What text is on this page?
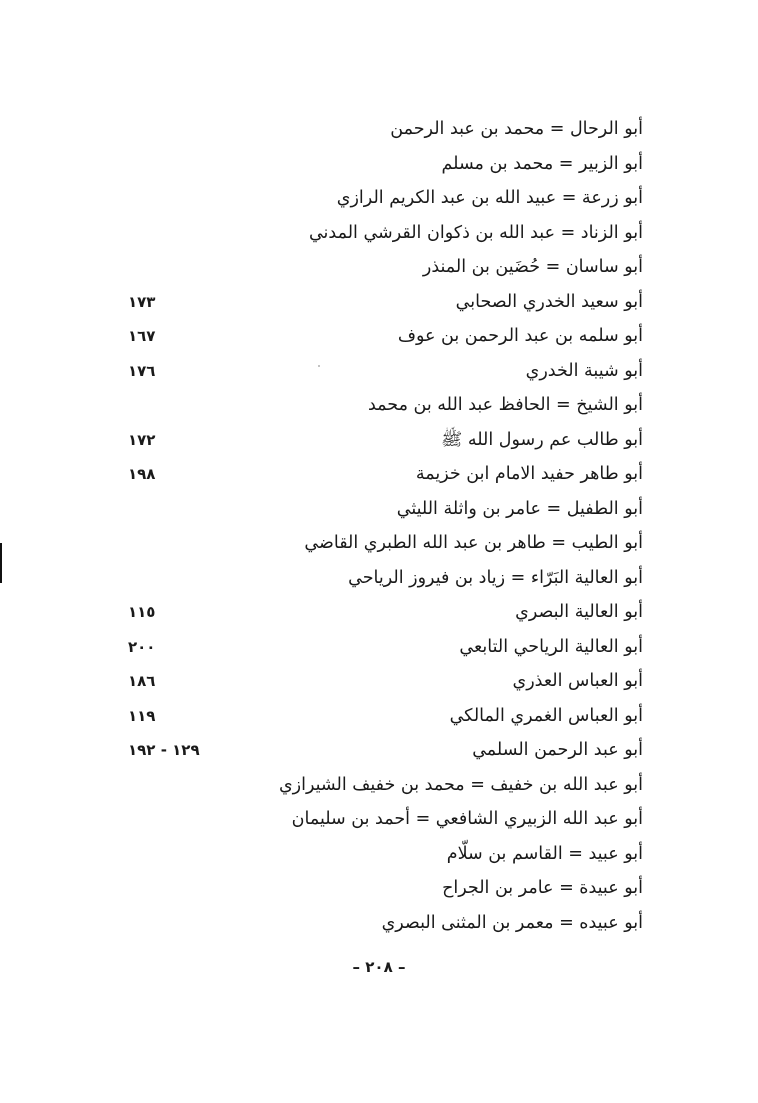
أبو الرحال = محمد بن عبد الرحمن
أبو الزبير = محمد بن مسلم
أبو زرعة = عبيد الله بن عبد الكريم الرازي
أبو الزناد = عبد الله بن ذكوان القرشي المدني
أبو ساسان = حُضَين بن المنذر
أبو سعيد الخدري الصحابي
١٧٣
أبو سلمه بن عبد الرحمن بن عوف
١٦٧
أبو شيبة الخدري
١٧٦
أبو الشيخ = الحافظ عبد الله بن محمد
أبو طالب عم رسول الله ﷺ
١٧٢
أبو طاهر حفيد الامام ابن خزيمة
١٩٨
أبو الطفيل = عامر بن واثلة الليثي
أبو الطيب = طاهر بن عبد الله الطبري القاضي
أبو العالية البَرّاء = زياد بن فيروز الرياحي
أبو العالية البصري
١١٥
أبو العالية الرياحي التابعي
٢٠٠
أبو العباس العذري
١٨٦
أبو العباس الغمري المالكي
١١٩
أبو عبد الرحمن السلمي
١٢٩ - ١٩٢
أبو عبد الله بن خفيف = محمد بن خفيف الشيرازي
أبو عبد الله الزبيري الشافعي = أحمد بن سليمان
أبو عبيد = القاسم بن سلّام
أبو عبيدة = عامر بن الجراح
أبو عبيده = معمر بن المثنى البصري
– ٢٠٨ –
